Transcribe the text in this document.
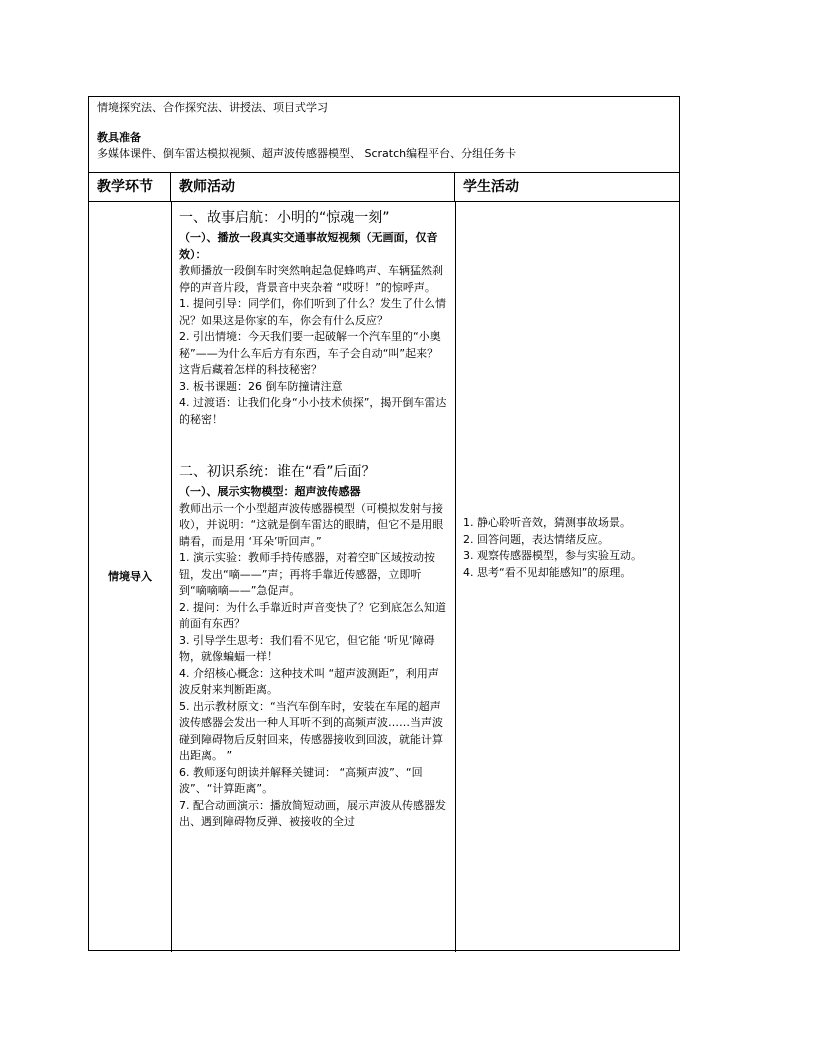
情境探究法、合作探究法、讲授法、项目式学习
教具准备
多媒体课件、倒车雷达模拟视频、超声波传感器模型、 Scratch编程平台、分组任务卡
教学环节	教师活动	学生活动
情境导入
一、故事启航：小明的“惊魂一刻”

（一）、播放一段真实交通事故短视频（无画面，仅音效）：

教师播放一段倒车时突然响起急促蜂鸣声、车辆猛然刹停的声音片段，背景音中夹杂着 “哎呀！”的惊呼声。

1. 提问引导：同学们，你们听到了什么？发生了什么情况？如果这是你家的车，你会有什么反应？

2. 引出情境：今天我们要一起破解一个汽车里的“小奥秘”——为什么车后方有东西，车子会自动“叫”起来？这背后藏着怎样的科技秘密？

3. 板书课题：26 倒车防撞请注意

4. 过渡语：让我们化身“小小技术侦探”，揭开倒车雷达的秘密！

二、初识系统：谁在“看”后面？

（一）、展示实物模型：超声波传感器

教师出示一个小型超声波传感器模型（可模拟发射与接收），并说明：“这就是倒车雷达的眼睛，但它不是用眼睛看，而是用 ‘耳朵’听回声。”

1. 演示实验：教师手持传感器，对着空旷区域按动按钮，发出“嘀——”声；再将手靠近传感器，立即听到“嘀嘀嘀——”急促声。

2. 提问：为什么手靠近时声音变快了？它到底怎么知道前面有东西？

3. 引导学生思考：我们看不见它，但它能 ‘听见’障碍物，就像蝙蝠一样！

4. 介绍核心概念：这种技术叫 “超声波测距”，利用声波反射来判断距离。

5. 出示教材原文：“当汽车倒车时，安装在车尾的超声波传感器会发出一种人耳听不到的高频声波……当声波碰到障碍物后反射回来，传感器接收到回波，就能计算出距离。 ”

6. 教师逐句朗读并解释关键词： “高频声波”、“回波”、“计算距离”。

7. 配合动画演示：播放简短动画，展示声波从传感器发出、遇到障碍物反弹、被接收的全过

1. 静心聆听音效，猜测事故场景。

2. 回答问题，表达情绪反应。

3. 观察传感器模型，参与实验互动。

4. 思考“看不见却能感知”的原理。
